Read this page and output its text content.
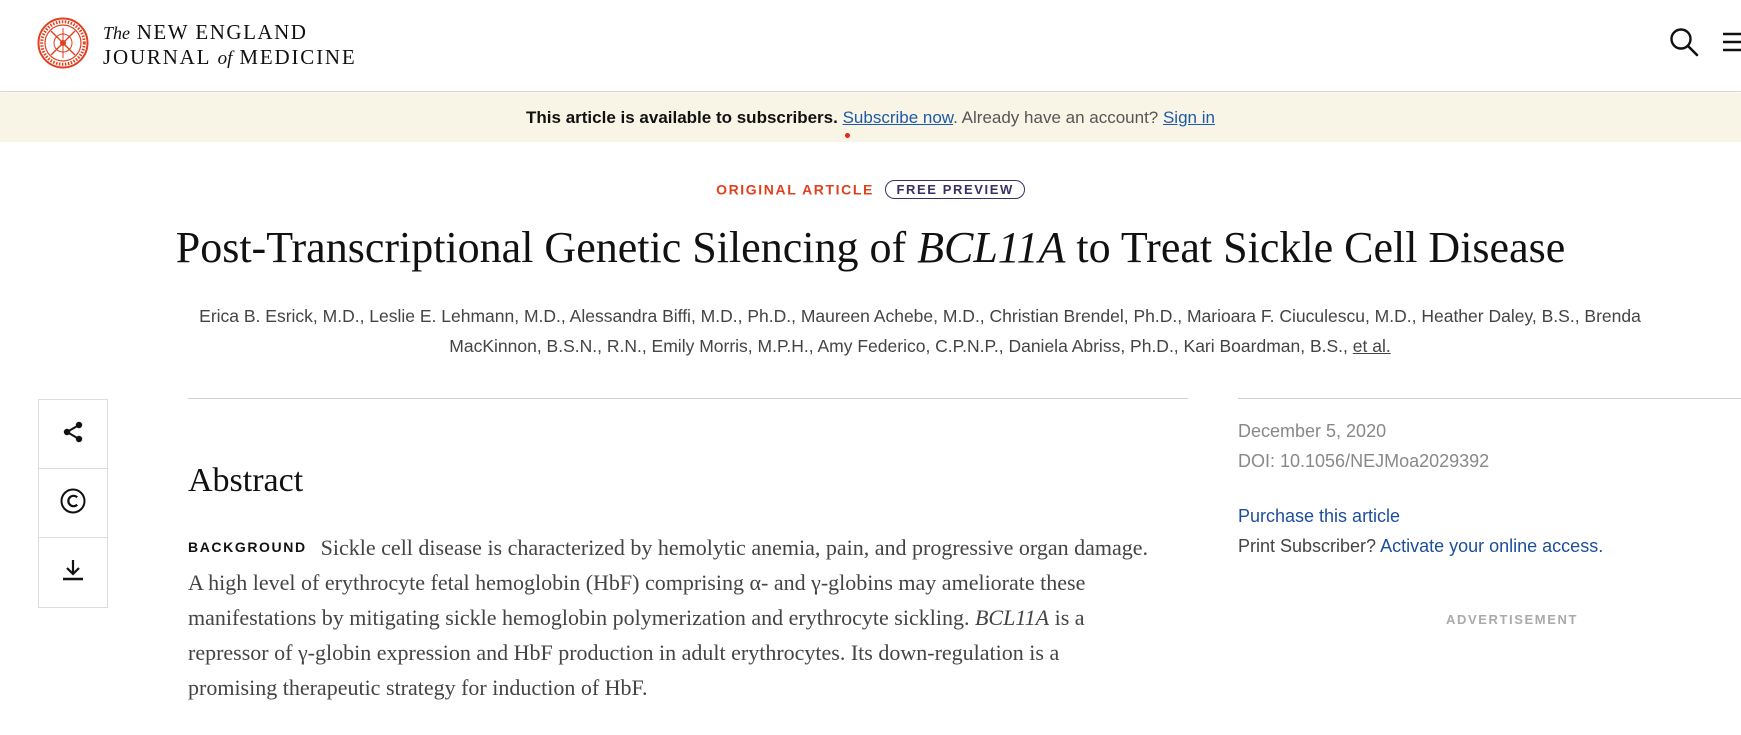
The NEW ENGLAND
JOURNAL of MEDICINE
This article is available to subscribers. Subscribe now. Already have an account? Sign in
ORIGINAL ARTICLE FREE PREVIEW
Post-Transcriptional Genetic Silencing of BCL11A to Treat Sickle Cell Disease
Erica B. Esrick, M.D., Leslie E. Lehmann, M.D., Alessandra Biffi, M.D., Ph.D., Maureen Achebe, M.D., Christian Brendel, Ph.D., Marioara F. Ciuculescu, M.D., Heather Daley, B.S., Brenda MacKinnon, B.S.N., R.N., Emily Morris, M.P.H., Amy Federico, C.P.N.P., Daniela Abriss, Ph.D., Kari Boardman, B.S., et al.
Abstract
BACKGROUND Sickle cell disease is characterized by hemolytic anemia, pain, and progressive organ damage. A high level of erythrocyte fetal hemoglobin (HbF) comprising α- and γ-globins may ameliorate these manifestations by mitigating sickle hemoglobin polymerization and erythrocyte sickling. BCL11A is a repressor of γ-globin expression and HbF production in adult erythrocytes. Its down-regulation is a promising therapeutic strategy for induction of HbF.
December 5, 2020
DOI: 10.1056/NEJMoa2029392
Purchase this article
Print Subscriber? Activate your online access.
ADVERTISEMENT
